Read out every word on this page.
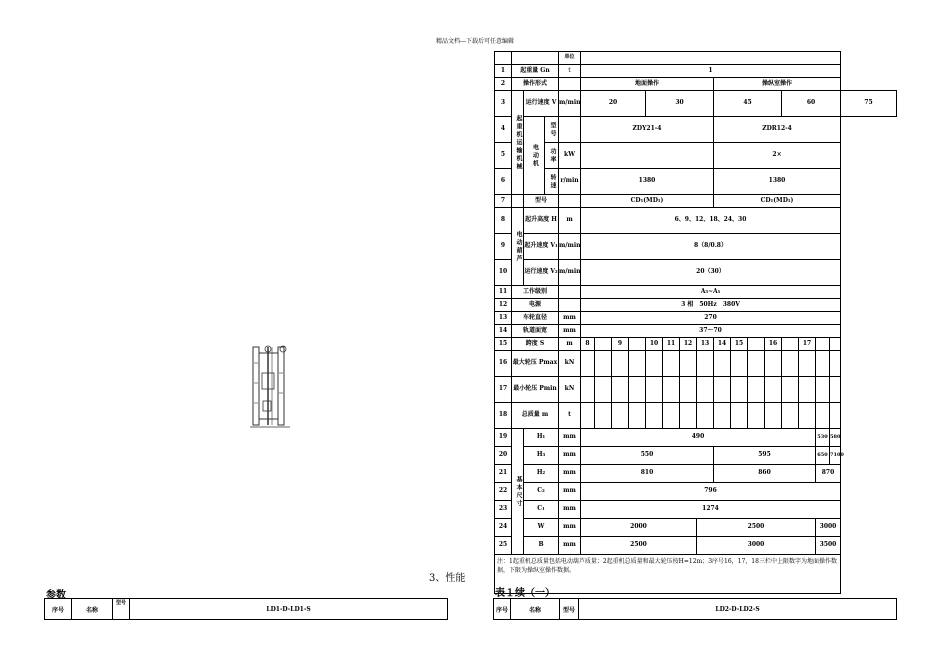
精品文档---下载后可任意编辑
3、性能
参数
序号	名称	型号	LD1-D-LD1-S
表１续（一）
序号	名称	型号	LD2-D-LD2-S
				单位																	
1	起重量 Gn			t	1																
2	操作形式				地面操作								操纵室操作								
3	起重机运输机械	运行速度 V		m/min	20				30				45				60				75
4		电动机	型号		ZDY21-4								ZDR12-4								
5			功率	kW									2×								
6			转速	r/min	1380								1380								
7		型号			CD₁(MD₁)								CD₁(MD₁)								
8	电动葫芦	起升高度 H		m	6、9、12、18、24、30																
9		起升速度 V₁		m/min	8（8/0.8）																
10		运行速度 V₂		m/min	20（30）																
11	工作级别				A₃~A₅																
12	电源				3 相　50Hz　380V																
13	车轮直径			mm	270																
14	轨道面宽			mm	37～70																
15	跨度 S			m	8		9		10	11	12	13	14	15		16		17			
16	最大轮压 Pmax			kN																	
17	最小轮压 Pmin			kN																	
18	总质量 m			t																	
19	基本尺寸	H₁		mm	490														530	580	
20		H₃		mm	550								595						650	7100	
21		H₂		mm	810								860						870		
22		C₂		mm	796																
23		C₁		mm	1274																
24		W		mm	2000							2500							3000		
25		B		mm	2500							3000							3500		
注：1起重机总质量包括电动葫芦质量；2起重机总质量和最大轮压按H=12m；3序号16，17，18三栏中上限数字为地面操作数据，下限为操纵室操作数据。																					
